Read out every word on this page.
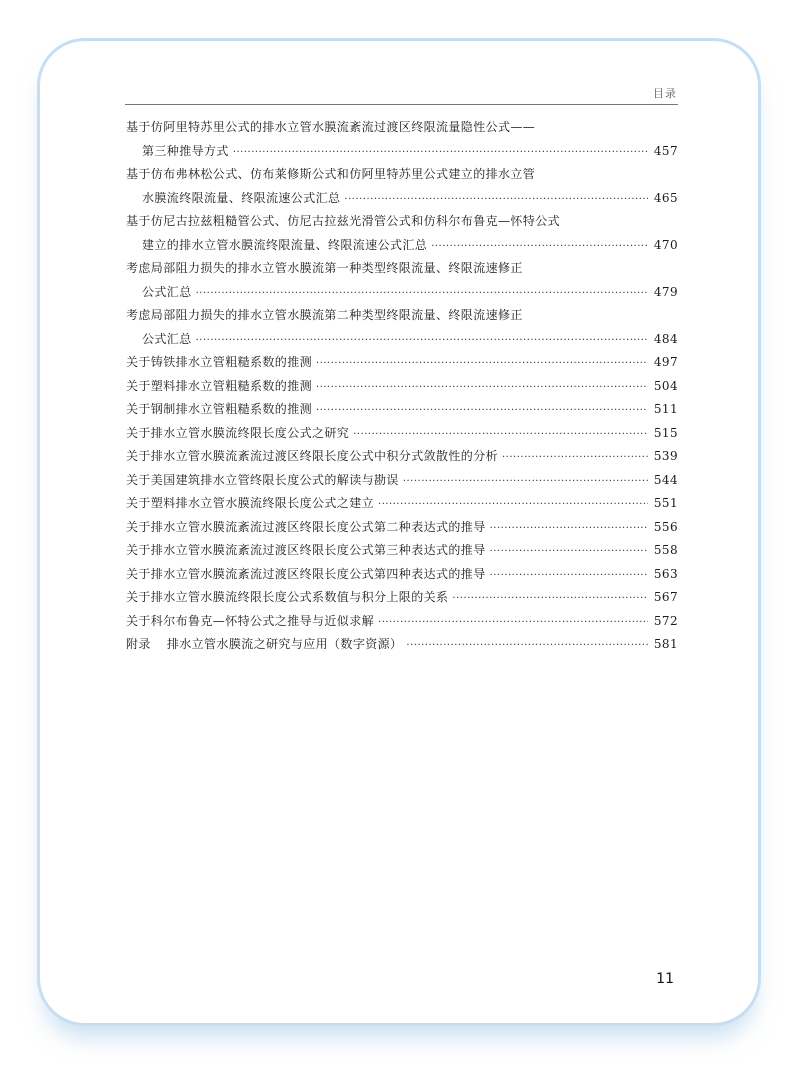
目录
基于仿阿里特苏里公式的排水立管水膜流紊流过渡区终限流量隐性公式——
第三种推导方式 ·····	457
基于仿布弗林松公式、仿布莱修斯公式和仿阿里特苏里公式建立的排水立管
水膜流终限流量、终限流速公式汇总 ·····	465
基于仿尼古拉兹粗糙管公式、仿尼古拉兹光滑管公式和仿科尔布鲁克—怀特公式
建立的排水立管水膜流终限流量、终限流速公式汇总 ·····	470
考虑局部阻力损失的排水立管水膜流第一种类型终限流量、终限流速修正
公式汇总 ·····	479
考虑局部阻力损失的排水立管水膜流第二种类型终限流量、终限流速修正
公式汇总 ·····	484
关于铸铁排水立管粗糙系数的推测 ·····	497
关于塑料排水立管粗糙系数的推测 ·····	504
关于钢制排水立管粗糙系数的推测 ·····	511
关于排水立管水膜流终限长度公式之研究 ·····	515
关于排水立管水膜流紊流过渡区终限长度公式中积分式敛散性的分析 ·····	539
关于美国建筑排水立管终限长度公式的解读与勘误 ·····	544
关于塑料排水立管水膜流终限长度公式之建立 ·····	551
关于排水立管水膜流紊流过渡区终限长度公式第二种表达式的推导 ·····	556
关于排水立管水膜流紊流过渡区终限长度公式第三种表达式的推导 ·····	558
关于排水立管水膜流紊流过渡区终限长度公式第四种表达式的推导 ·····	563
关于排水立管水膜流终限长度公式系数值与积分上限的关系 ·····	567
关于科尔布鲁克—怀特公式之推导与近似求解 ·····	572
附录 排水立管水膜流之研究与应用（数字资源） ·····	581
11
